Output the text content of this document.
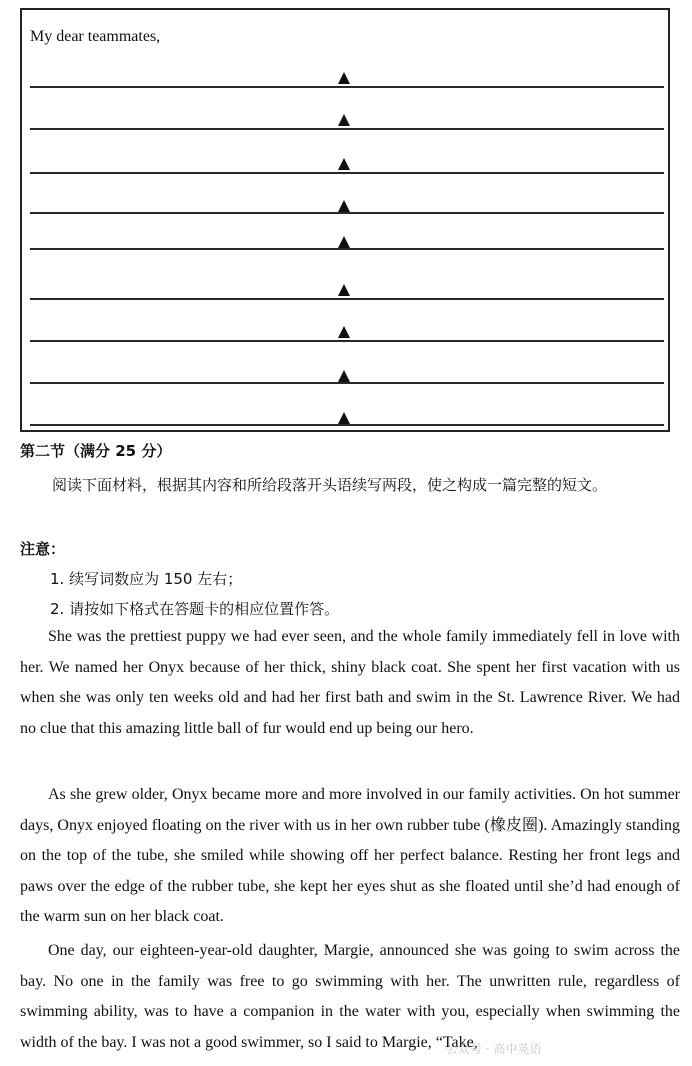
My dear teammates,
第二节（满分 25 分）
阅读下面材料，根据其内容和所给段落开头语续写两段，使之构成一篇完整的短文。
注意：
1. 续写词数应为 150 左右；
2. 请按如下格式在答题卡的相应位置作答。

She was the prettiest puppy we had ever seen, and the whole family immediately fell in love with her. We named her Onyx because of her thick, shiny black coat. She spent her first vacation with us when she was only ten weeks old and had her first bath and swim in the St. Lawrence River. We had no clue that this amazing little ball of fur would end up being our hero.

As she grew older, Onyx became more and more involved in our family activities. On hot summer days, Onyx enjoyed floating on the river with us in her own rubber tube (橡皮圈). Amazingly standing on the top of the tube, she smiled while showing off her perfect balance. Resting her front legs and paws over the edge of the rubber tube, she kept her eyes shut as she floated until she’d had enough of the warm sun on her black coat.

One day, our eighteen-year-old daughter, Margie, announced she was going to swim across the bay. No one in the family was free to go swimming with her. The unwritten rule, regardless of swimming ability, was to have a companion in the water with you, especially when swimming the width of the bay. I was not a good swimmer, so I said to Margie, “Take,

公众号 · 高中英语
